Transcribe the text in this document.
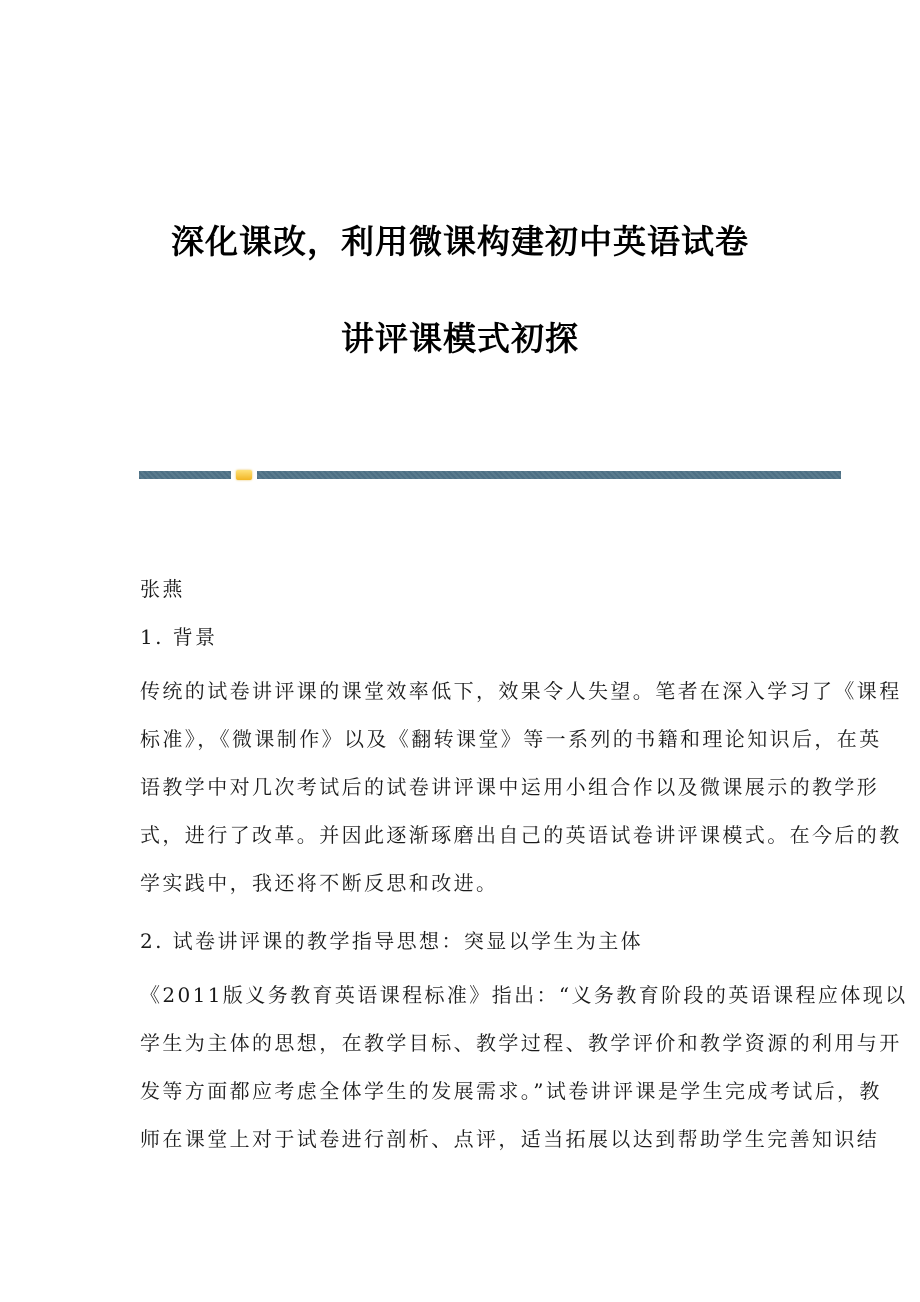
深化课改，利用微课构建初中英语试卷
讲评课模式初探
张燕
1. 背景
传统的试卷讲评课的课堂效率低下，效果令人失望。笔者在深入学习了《课程
标准》，《微课制作》以及《翻转课堂》等一系列的书籍和理论知识后，在英
语教学中对几次考试后的试卷讲评课中运用小组合作以及微课展示的教学形
式，进行了改革。并因此逐渐琢磨出自己的英语试卷讲评课模式。在今后的教
学实践中，我还将不断反思和改进。
2. 试卷讲评课的教学指导思想：突显以学生为主体
《2011版义务教育英语课程标准》指出：“义务教育阶段的英语课程应体现以
学生为主体的思想，在教学目标、教学过程、教学评价和教学资源的利用与开
发等方面都应考虑全体学生的发展需求。”试卷讲评课是学生完成考试后，教
师在课堂上对于试卷进行剖析、点评，适当拓展以达到帮助学生完善知识结
